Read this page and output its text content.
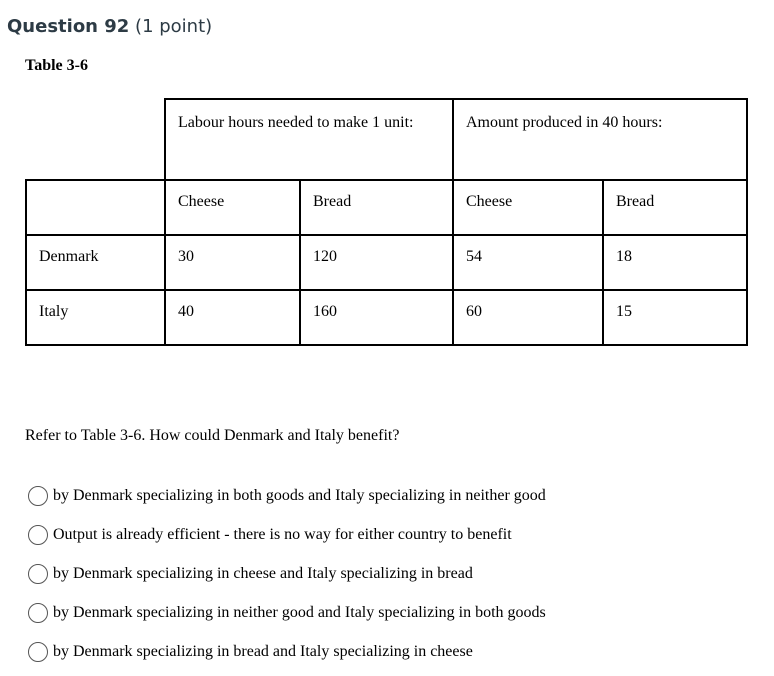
Question 92 (1 point)
Table 3-6
	Labour hours needed to make 1 unit:		Amount produced in 40 hours:	
	Cheese	Bread	Cheese	Bread
Denmark	30	120	54	18
Italy	40	160	60	15
Refer to Table 3-6. How could Denmark and Italy benefit?
by Denmark specializing in both goods and Italy specializing in neither good
Output is already efficient - there is no way for either country to benefit
by Denmark specializing in cheese and Italy specializing in bread
by Denmark specializing in neither good and Italy specializing in both goods
by Denmark specializing in bread and Italy specializing in cheese
